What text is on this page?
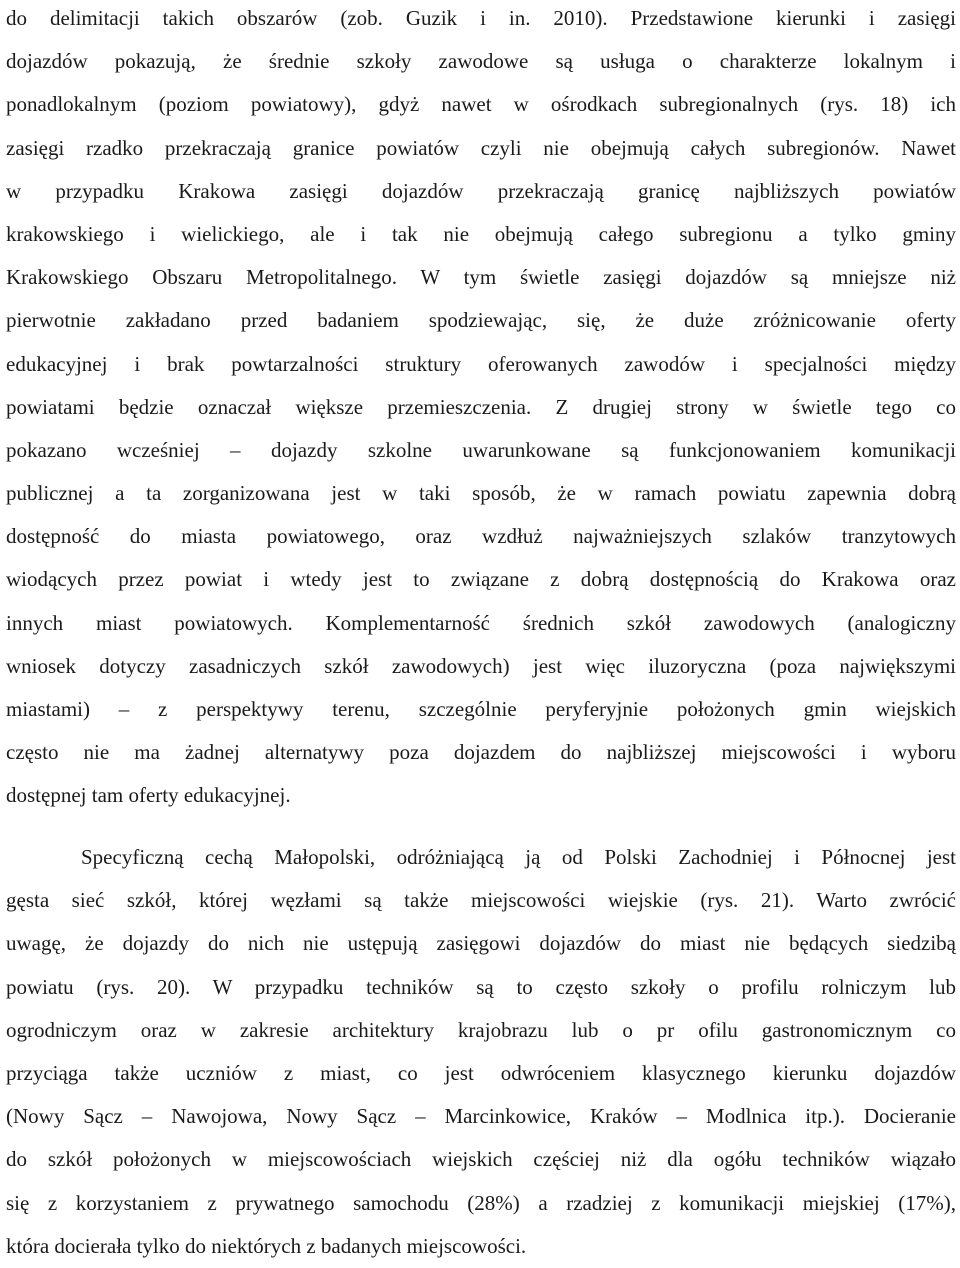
do delimitacji takich obszarów (zob. Guzik i in. 2010). Przedstawione kierunki i zasięgi
dojazdów pokazują, że średnie szkoły zawodowe są usługa o charakterze lokalnym i
ponadlokalnym (poziom powiatowy), gdyż nawet w ośrodkach subregionalnych (rys. 18) ich
zasięgi rzadko przekraczają granice powiatów czyli nie obejmują całych subregionów. Nawet
w przypadku Krakowa zasięgi dojazdów przekraczają granicę najbliższych powiatów
krakowskiego i wielickiego, ale i tak nie obejmują całego subregionu a tylko gminy
Krakowskiego Obszaru Metropolitalnego. W tym świetle zasięgi dojazdów są mniejsze niż
pierwotnie zakładano przed badaniem spodziewając, się, że duże zróżnicowanie oferty
edukacyjnej i brak powtarzalności struktury oferowanych zawodów i specjalności między
powiatami będzie oznaczał większe przemieszczenia. Z drugiej strony w świetle tego co
pokazano wcześniej – dojazdy szkolne uwarunkowane są funkcjonowaniem komunikacji
publicznej a ta zorganizowana jest w taki sposób, że w ramach powiatu zapewnia dobrą
dostępność do miasta powiatowego, oraz wzdłuż najważniejszych szlaków tranzytowych
wiodących przez powiat i wtedy jest to związane z dobrą dostępnością do Krakowa oraz
innych miast powiatowych. Komplementarność średnich szkół zawodowych (analogiczny
wniosek dotyczy zasadniczych szkół zawodowych) jest więc iluzoryczna (poza największymi
miastami) – z perspektywy terenu, szczególnie peryferyjnie położonych gmin wiejskich
często nie ma żadnej alternatywy poza dojazdem do najbliższej miejscowości i wyboru
dostępnej tam oferty edukacyjnej.
Specyficzną cechą Małopolski, odróżniającą ją od Polski Zachodniej i Północnej jest
gęsta sieć szkół, której węzłami są także miejscowości wiejskie (rys. 21). Warto zwrócić
uwagę, że dojazdy do nich nie ustępują zasięgowi dojazdów do miast nie będących siedzibą
powiatu (rys. 20). W przypadku techników są to często szkoły o profilu rolniczym lub
ogrodniczym oraz w zakresie architektury krajobrazu lub o pr ofilu gastronomicznym co
przyciąga także uczniów z miast, co jest odwróceniem klasycznego kierunku dojazdów
(Nowy Sącz – Nawojowa, Nowy Sącz – Marcinkowice, Kraków – Modlnica itp.). Docieranie
do szkół położonych w miejscowościach wiejskich częściej niż dla ogółu techników wiązało
się z korzystaniem z prywatnego samochodu (28%) a rzadziej z komunikacji miejskiej (17%),
która docierała tylko do niektórych z badanych miejscowości.
